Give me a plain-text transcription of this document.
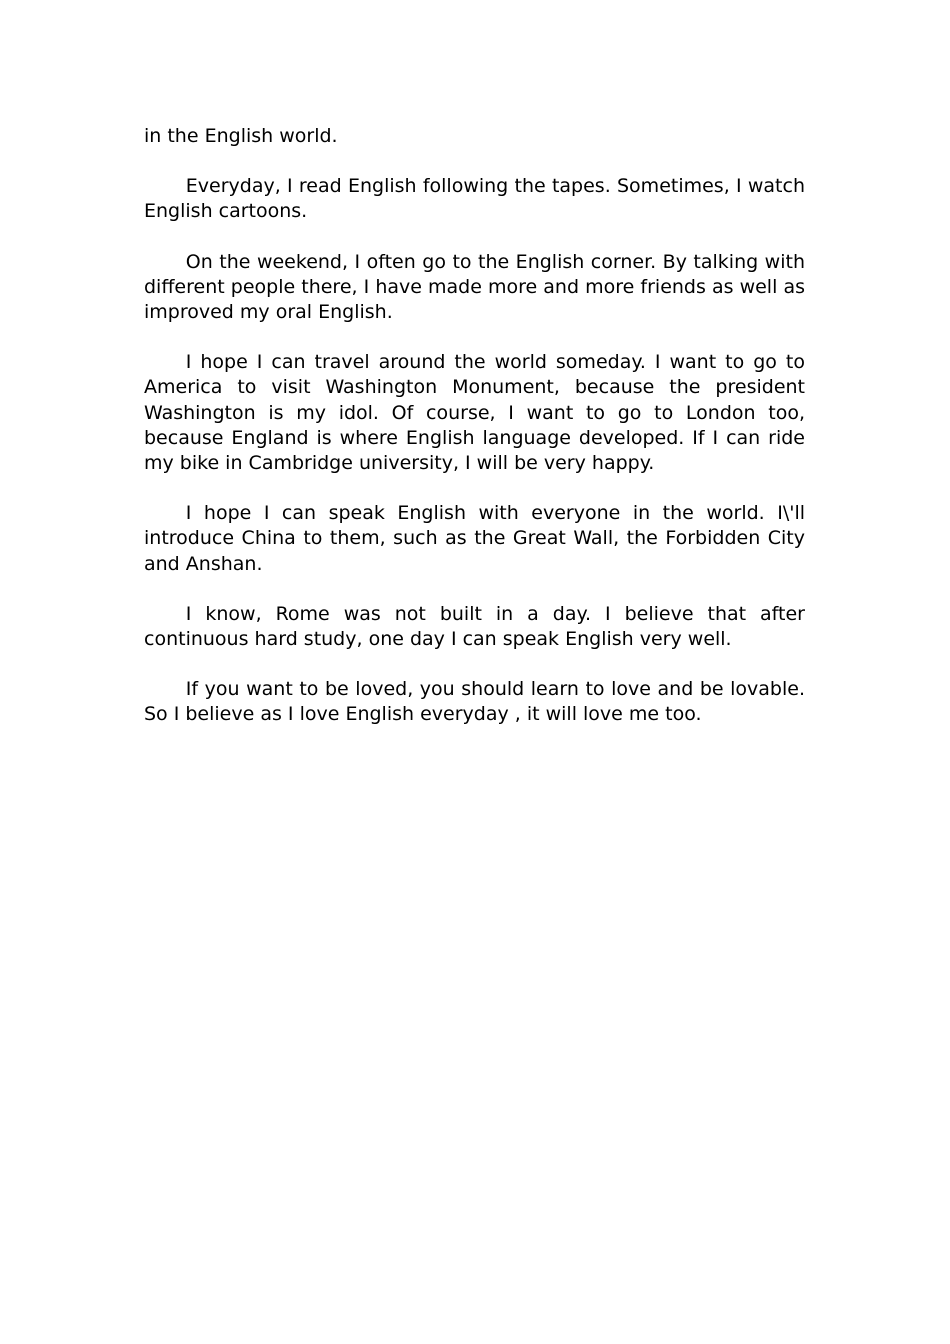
in the English world.

Everyday, I read English following the tapes. Sometimes, I watch English cartoons.

On the weekend, I often go to the English corner. By talking with different people there, I have made more and more friends as well as improved my oral English.

I hope I can travel around the world someday. I want to go to America to visit Washington Monument, because the president Washington is my idol. Of course, I want to go to London too, because England is where English language developed. If I can ride my bike in Cambridge university, I will be very happy.

I hope I can speak English with everyone in the world. I\'ll introduce China to them, such as the Great Wall, the Forbidden City and Anshan.

I know, Rome was not built in a day. I believe that after continuous hard study, one day I can speak English very well.

If you want to be loved, you should learn to love and be lovable. So I believe as I love English everyday , it will love me too.
